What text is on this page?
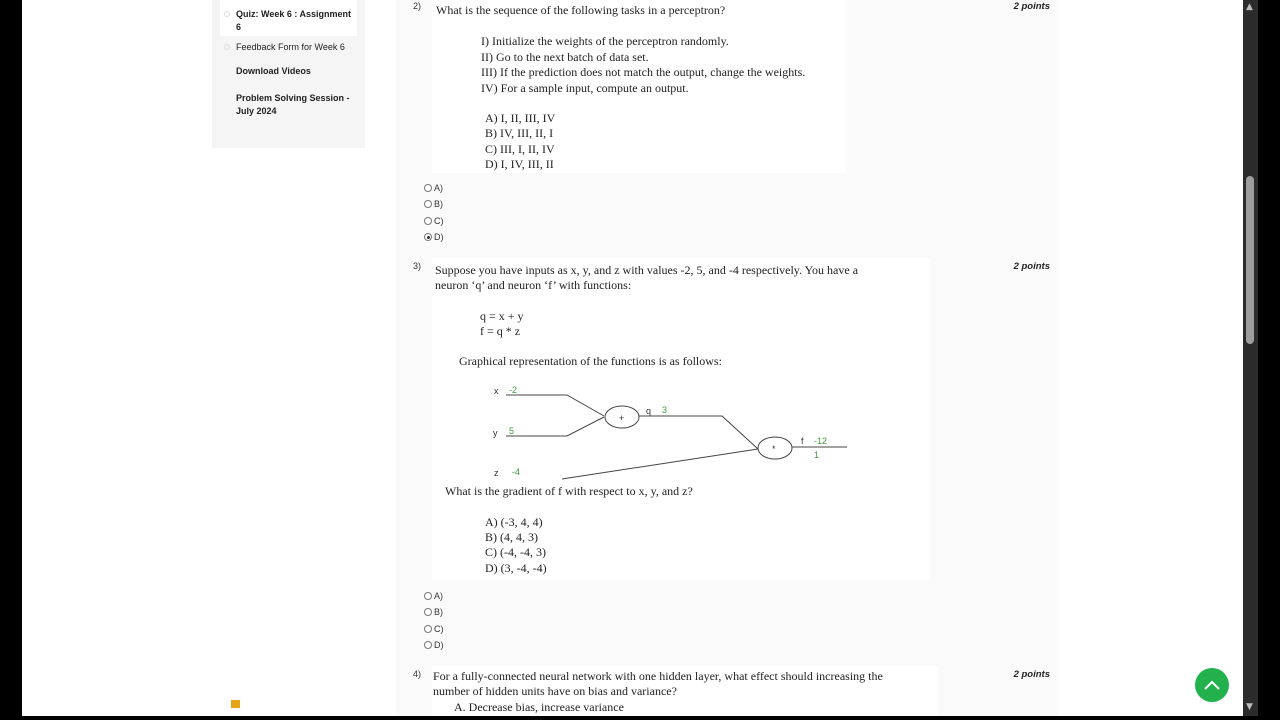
Quiz: Week 6 : Assignment 6
Feedback Form for Week 6
Download Videos
Problem Solving Session - July 2024
2)	2 points
What is the sequence of the following tasks in a perceptron?
I) Initialize the weights of the perceptron randomly.
II) Go to the next batch of data set.
III) If the prediction does not match the output, change the weights.
IV) For a sample input, compute an output.
A) I, II, III, IV
B) IV, III, II, I
C) III, I, II, IV
D) I, IV, III, II
A)
B)
C)
D)
3)	2 points
Suppose you have inputs as x, y, and z with values -2, 5, and -4 respectively. You have a
neuron ‘q’ and neuron ‘f’ with functions:
q = x + y
f = q * z
Graphical representation of the functions is as follows:
x
y
z
+
q
*
f
-2
5
-4
3
-12
1
What is the gradient of f with respect to x, y, and z?
A) (-3, 4, 4)
B) (4, 4, 3)
C) (-4, -4, 3)
D) (3, -4, -4)
A)
B)
C)
D)
4)	2 points
For a fully-connected neural network with one hidden layer, what effect should increasing the
number of hidden units have on bias and variance?
A. Decrease bias, increase variance
▲
▼
